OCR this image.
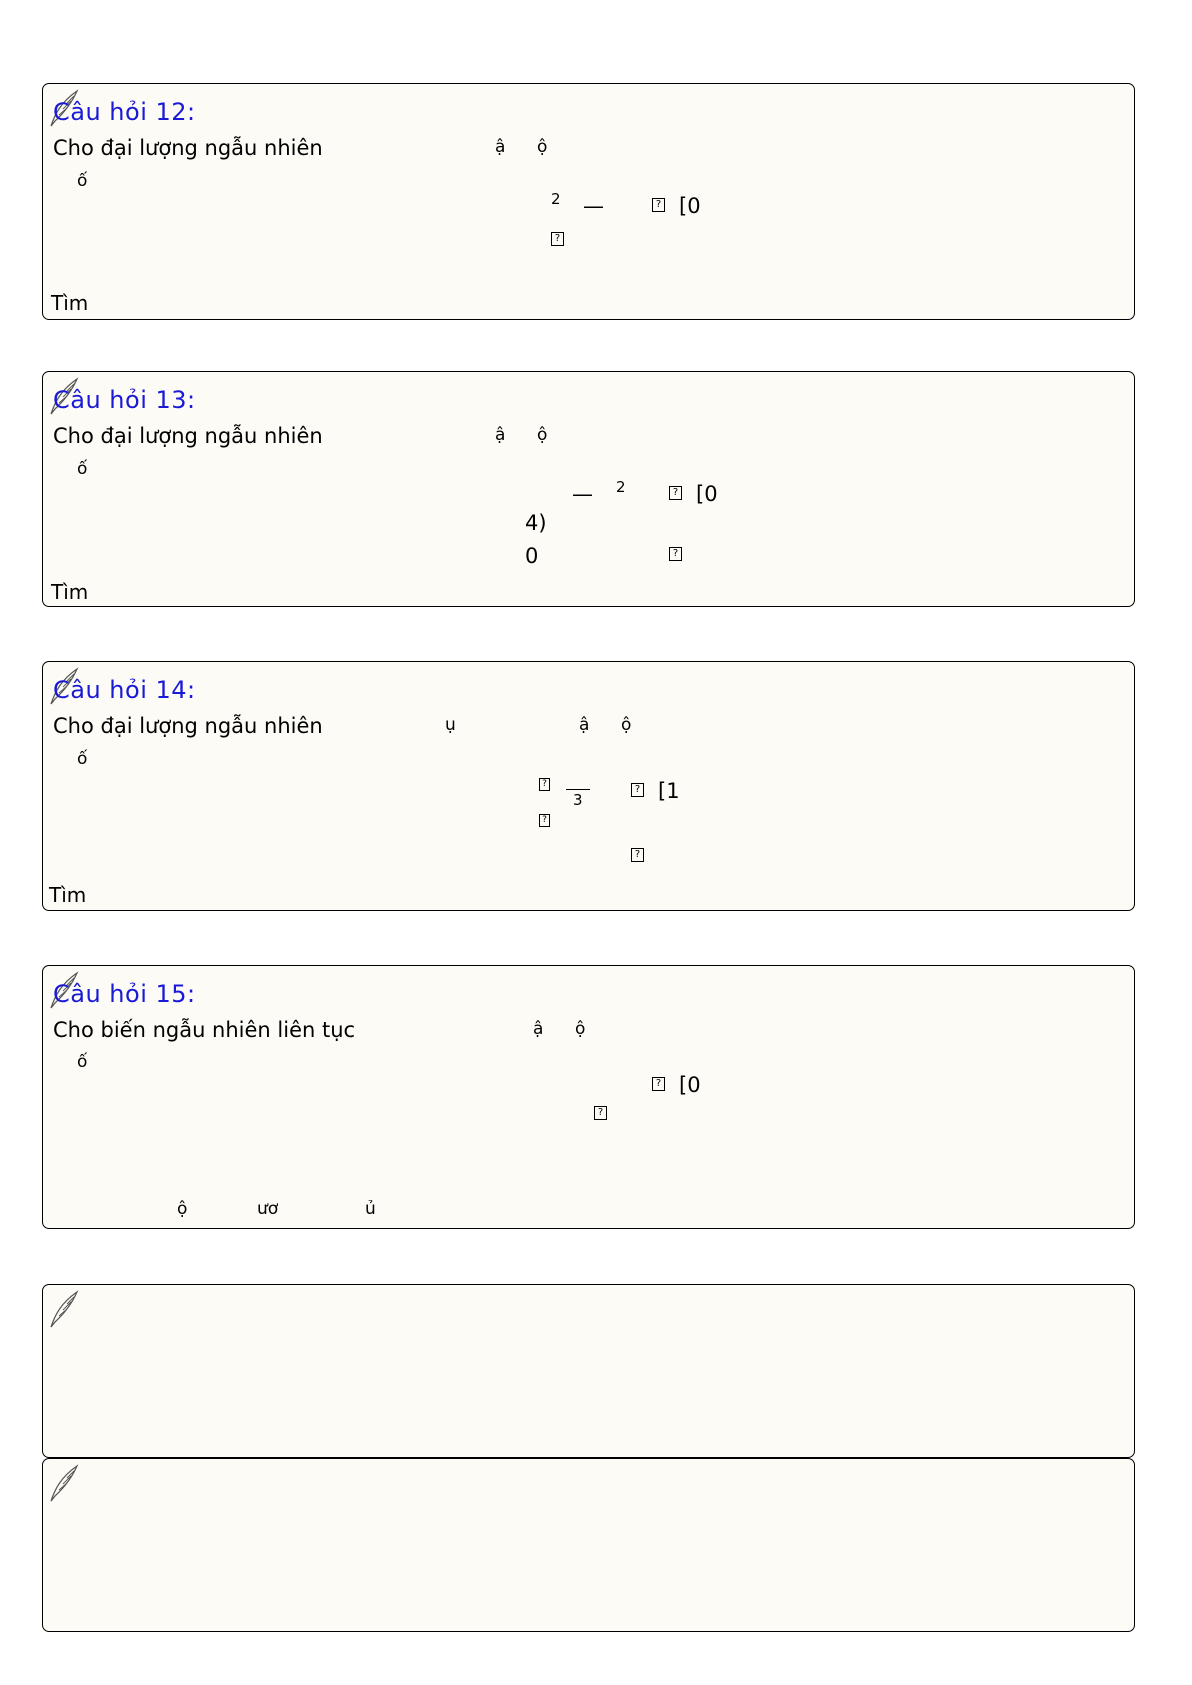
Câu hỏi 12:
Cho đại lượng ngẫu nhiên	ậ ộ
ố
2 —	? [0
?
Tìm
Câu hỏi 13:
Cho đại lượng ngẫu nhiên	ậ ộ
ố
— 2	? [0
4)
0	?
Tìm
Câu hỏi 14:
Cho đại lượng ngẫu nhiên	ụ	ậ ộ
ố
?
3
? [1
?
?
Tìm
Câu hỏi 15:
Cho biến ngẫu nhiên liên tục	ậ ộ
ố
? [0
?
ộ	ươ	ủ
